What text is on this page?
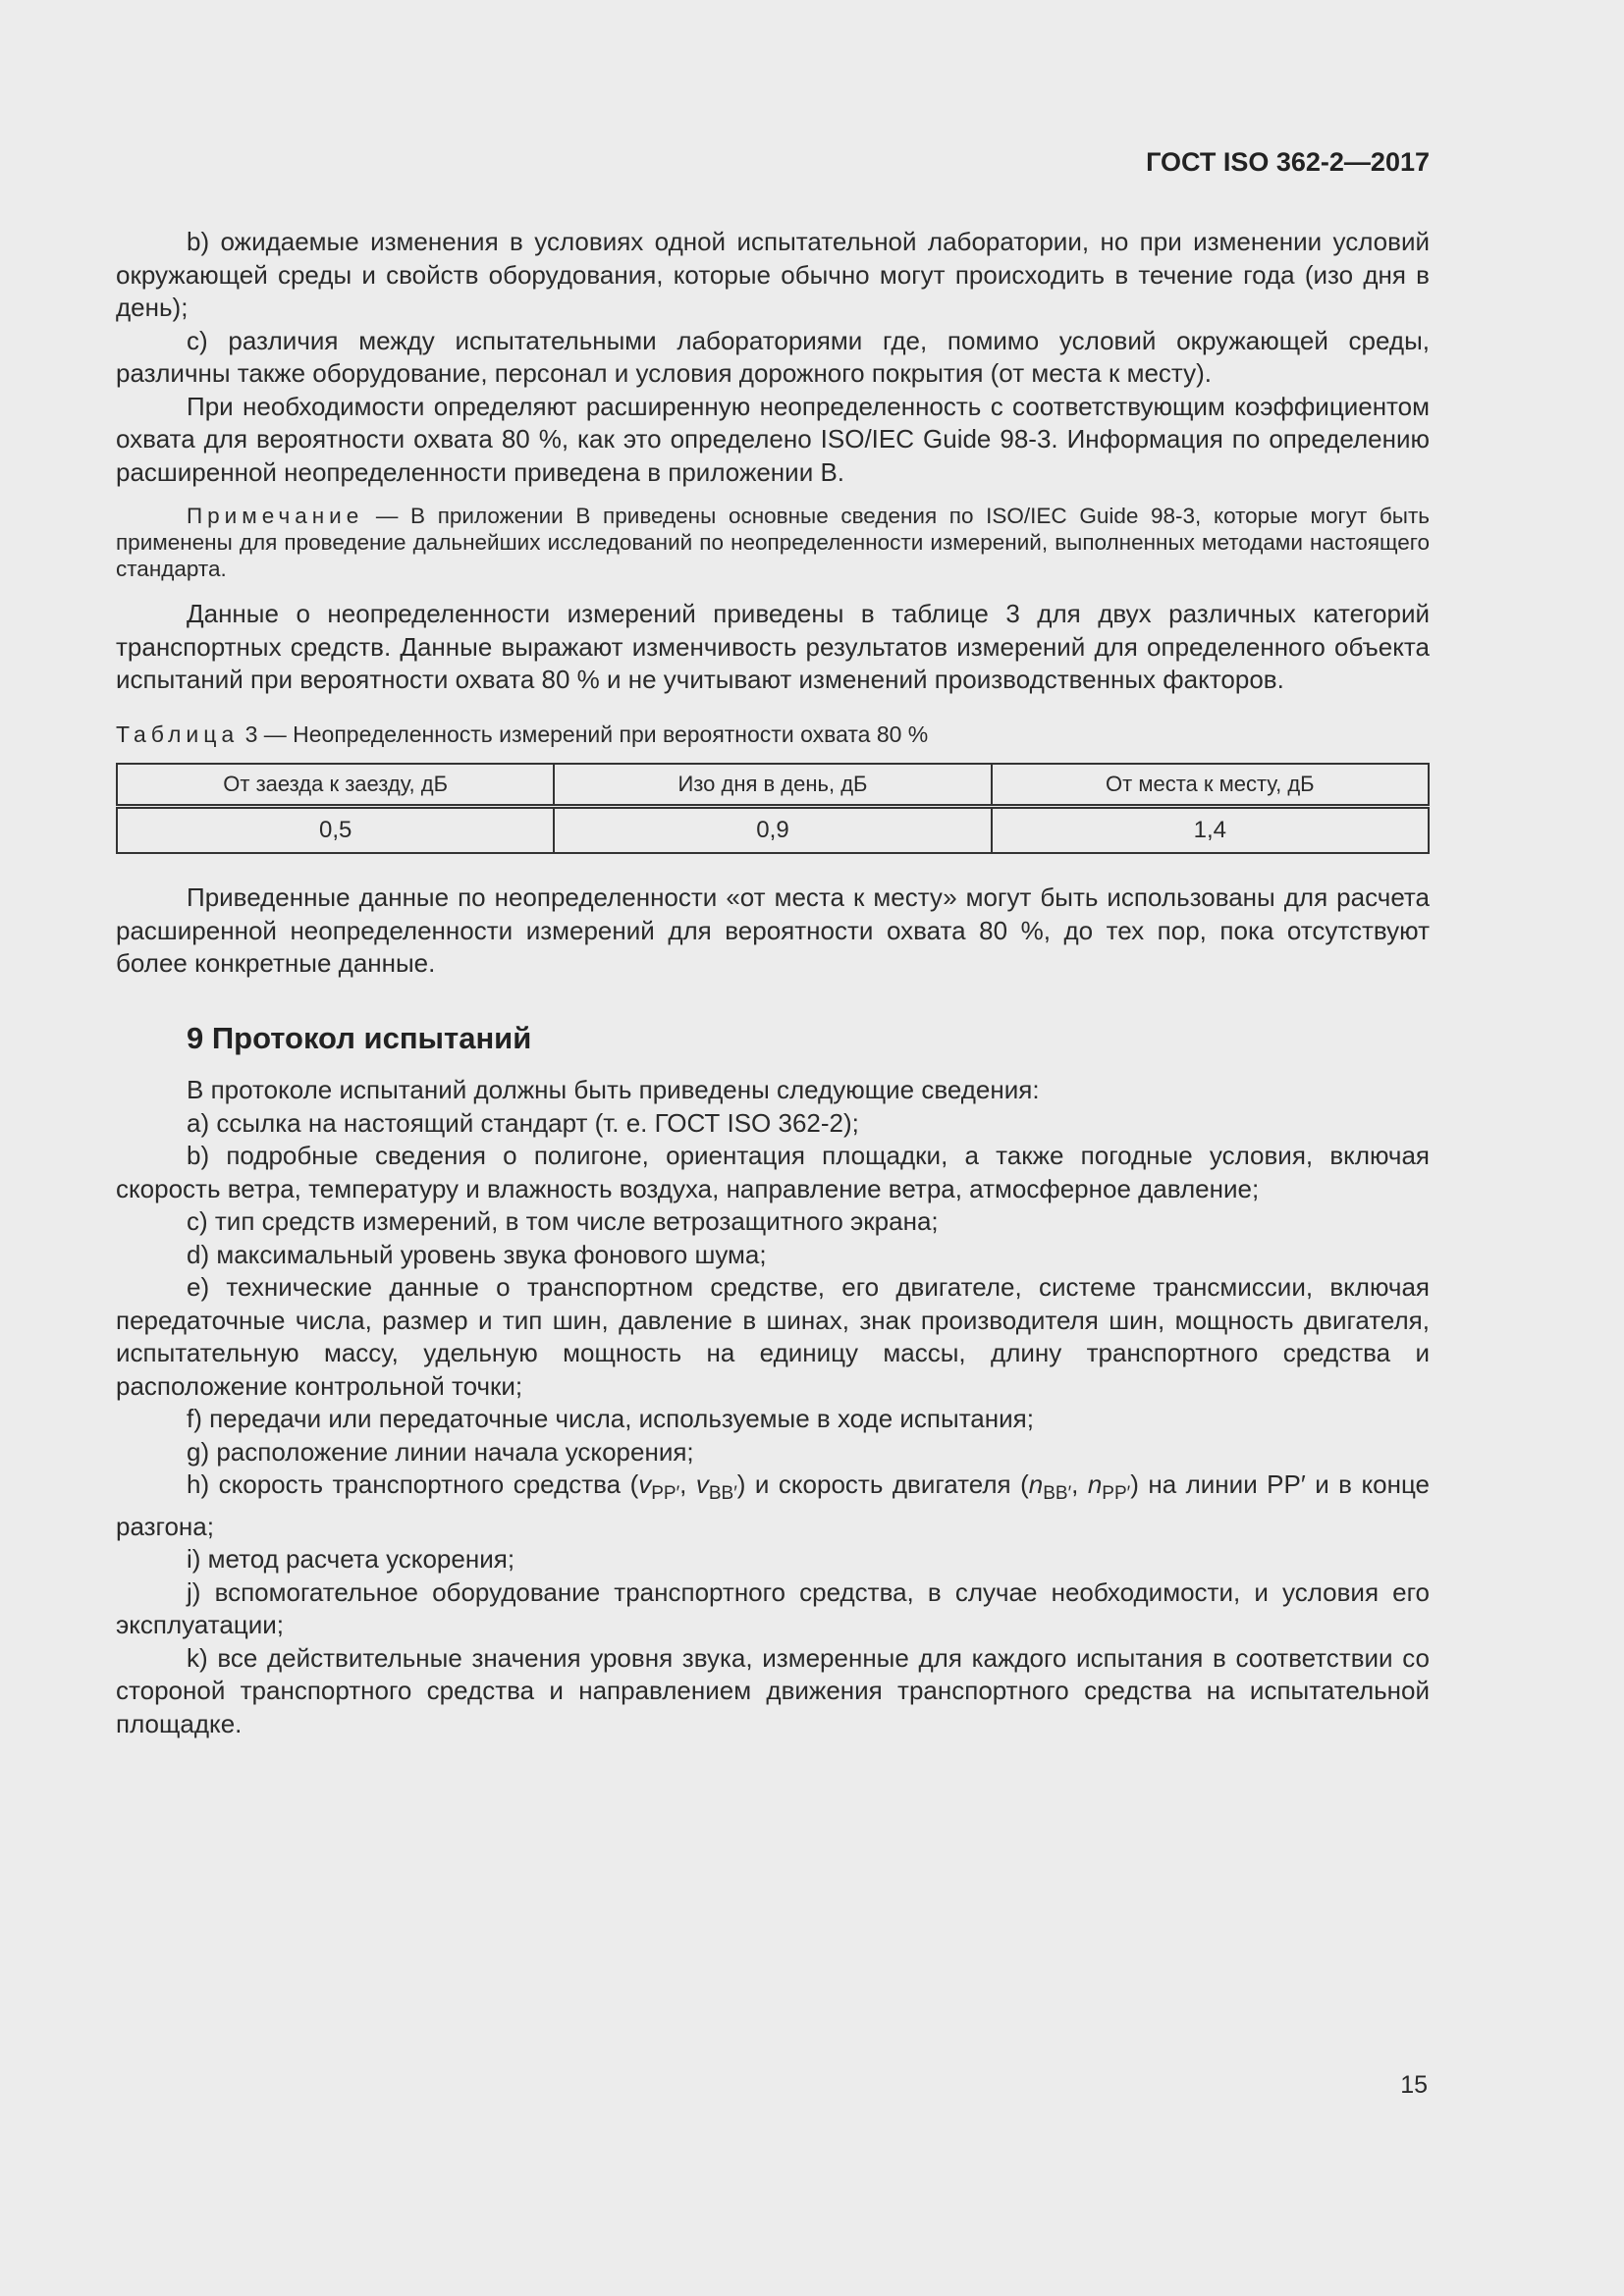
ГОСТ ISO 362-2—2017

b) ожидаемые изменения в условиях одной испытательной лаборатории, но при изменении условий окружающей среды и свойств оборудования, которые обычно могут происходить в течение года (изо дня в день);

c) различия между испытательными лабораториями где, помимо условий окружающей среды, различны также оборудование, персонал и условия дорожного покрытия (от места к месту).

При необходимости определяют расширенную неопределенность с соответствующим коэффициентом охвата для вероятности охвата 80 %, как это определено ISO/IEC Guide 98-3. Информация по определению расширенной неопределенности приведена в приложении В.

Примечание — В приложении В приведены основные сведения по ISO/IEC Guide 98-3, которые могут быть применены для проведение дальнейших исследований по неопределенности измерений, выполненных методами настоящего стандарта.

Данные о неопределенности измерений приведены в таблице 3 для двух различных категорий транспортных средств. Данные выражают изменчивость результатов измерений для определенного объекта испытаний при вероятности охвата 80 % и не учитывают изменений производственных факторов.

Таблица 3 — Неопределенность измерений при вероятности охвата 80 %

От заезда к заезду, дБ	Изо дня в день, дБ	От места к месту, дБ
0,5	0,9	1,4

Приведенные данные по неопределенности «от места к месту» могут быть использованы для расчета расширенной неопределенности измерений для вероятности охвата 80 %, до тех пор, пока отсутствуют более конкретные данные.

9 Протокол испытаний

В протоколе испытаний должны быть приведены следующие сведения:

a) ссылка на настоящий стандарт (т. е. ГОСТ ISO 362-2);

b) подробные сведения о полигоне, ориентация площадки, а также погодные условия, включая скорость ветра, температуру и влажность воздуха, направление ветра, атмосферное давление;

c) тип средств измерений, в том числе ветрозащитного экрана;

d) максимальный уровень звука фонового шума;

e) технические данные о транспортном средстве, его двигателе, системе трансмиссии, включая передаточные числа, размер и тип шин, давление в шинах, знак производителя шин, мощность двигателя, испытательную массу, удельную мощность на единицу массы, длину транспортного средства и расположение контрольной точки;

f) передачи или передаточные числа, используемые в ходе испытания;

g) расположение линии начала ускорения;

h) скорость транспортного средства ($v_{PP'}$, $v_{BB'}$) и скорость двигателя ($n_{BB'}$, $n_{PP'}$) на линии PP′ и в конце разгона;

i) метод расчета ускорения;

j) вспомогательное оборудование транспортного средства, в случае необходимости, и условия его эксплуатации;

k) все действительные значения уровня звука, измеренные для каждого испытания в соответствии со стороной транспортного средства и направлением движения транспортного средства на испытательной площадке.

15
